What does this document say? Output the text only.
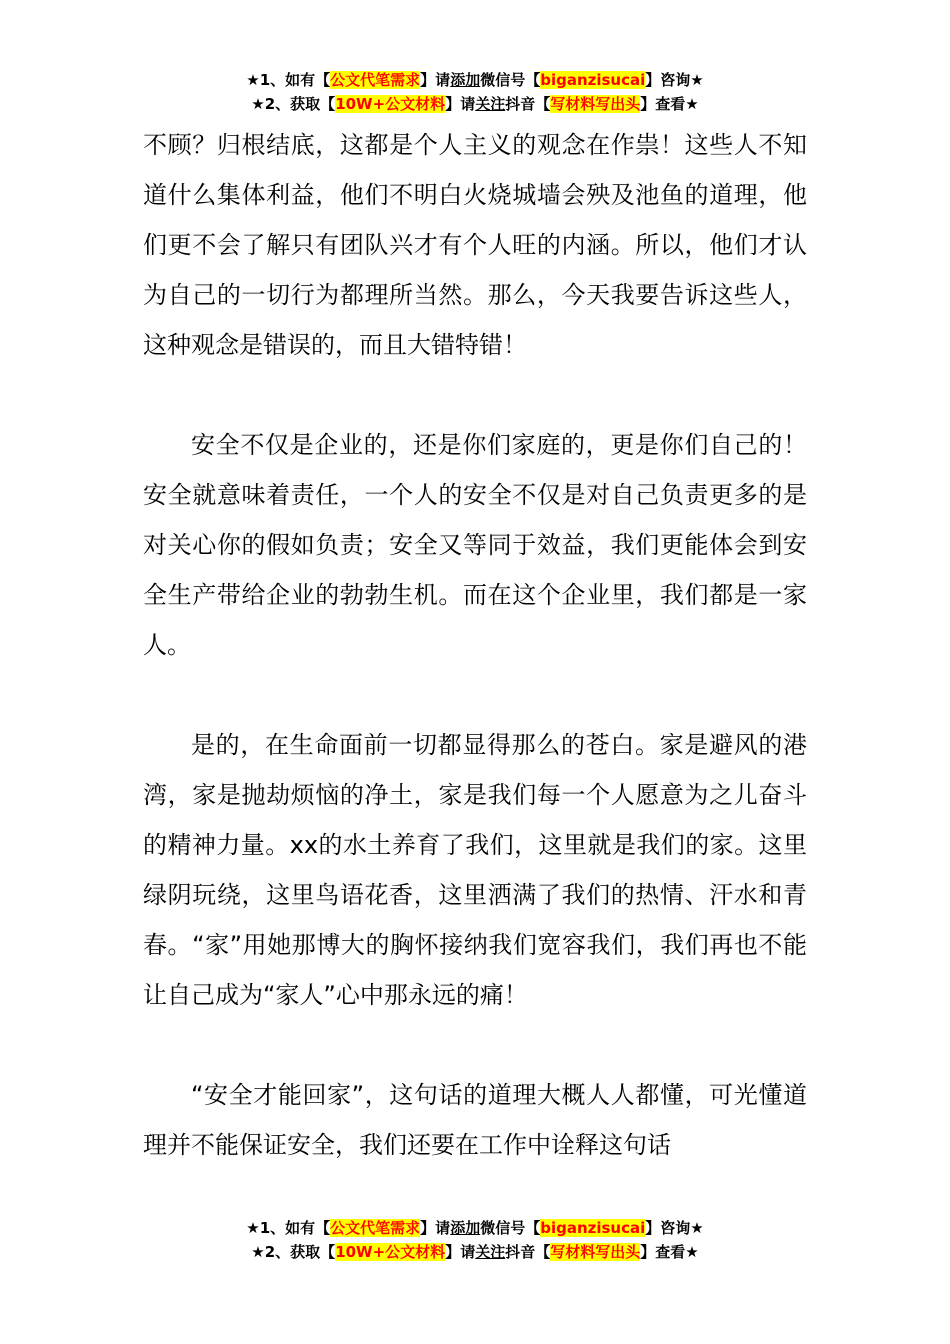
★1、如有【公文代笔需求】请添加微信号【biganzisucai】咨询★
★2、获取【10W+公文材料】请关注抖音【写材料写出头】查看★

不顾？归根结底，这都是个人主义的观念在作祟！这些人不知道什么集体利益，他们不明白火烧城墙会殃及池鱼的道理，他们更不会了解只有团队兴才有个人旺的内涵。所以，他们才认为自己的一切行为都理所当然。那么，今天我要告诉这些人，这种观念是错误的，而且大错特错！

安全不仅是企业的，还是你们家庭的，更是你们自己的！安全就意味着责任，一个人的安全不仅是对自己负责更多的是对关心你的假如负责；安全又等同于效益，我们更能体会到安全生产带给企业的勃勃生机。而在这个企业里，我们都是一家人。

是的，在生命面前一切都显得那么的苍白。家是避风的港湾，家是抛劫烦恼的净土，家是我们每一个人愿意为之儿奋斗的精神力量。xx的水土养育了我们，这里就是我们的家。这里绿阴玩绕，这里鸟语花香，这里洒满了我们的热情、汗水和青春。“家”用她那博大的胸怀接纳我们宽容我们，我们再也不能让自己成为“家人”心中那永远的痛！

“安全才能回家”，这句话的道理大概人人都懂，可光懂道理并不能保证安全，我们还要在工作中诠释这句话

★1、如有【公文代笔需求】请添加微信号【biganzisucai】咨询★
★2、获取【10W+公文材料】请关注抖音【写材料写出头】查看★
